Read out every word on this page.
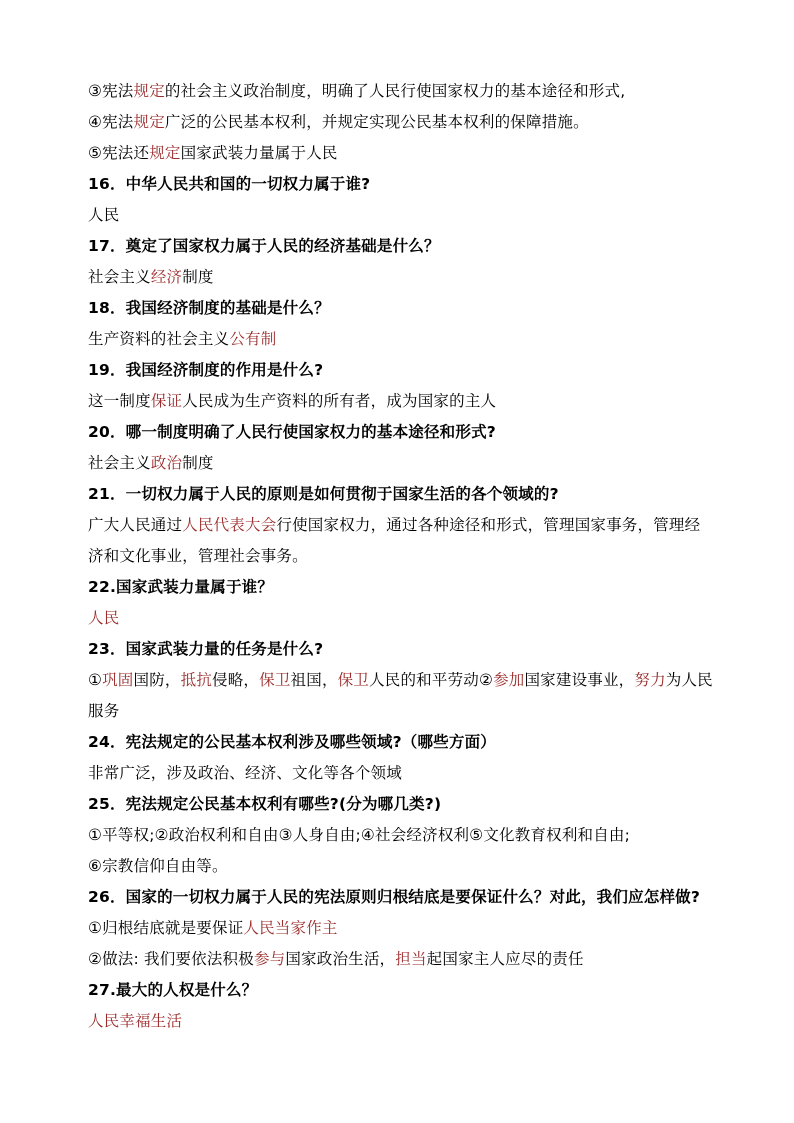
③宪法规定的社会主义政治制度，明确了人民行使国家权力的基本途径和形式,
④宪法规定广泛的公民基本权利，并规定实现公民基本权利的保障措施。
⑤宪法还规定国家武装力量属于人民
16．中华人民共和国的一切权力属于谁?
人民
17．奠定了国家权力属于人民的经济基础是什么？
社会主义经济制度
18．我国经济制度的基础是什么？
生产资料的社会主义公有制
19．我国经济制度的作用是什么?
这一制度保证人民成为生产资料的所有者，成为国家的主人
20．哪一制度明确了人民行使国家权力的基本途径和形式?
社会主义政治制度
21．一切权力属于人民的原则是如何贯彻于国家生活的各个领域的?
广大人民通过人民代表大会行使国家权力，通过各种途径和形式，管理国家事务，管理经济和文化事业，管理社会事务。
22.国家武装力量属于谁？
人民
23．国家武装力量的任务是什么?
①巩固国防，抵抗侵略，保卫祖国，保卫人民的和平劳动②参加国家建设事业，努力为人民服务
24．宪法规定的公民基本权利涉及哪些领域?（哪些方面）
非常广泛，涉及政治、经济、文化等各个领域
25．宪法规定公民基本权利有哪些?(分为哪几类?)
①平等权;②政治权利和自由③人身自由;④社会经济权利⑤文化教育权利和自由;
⑥宗教信仰自由等。
26．国家的一切权力属于人民的宪法原则归根结底是要保证什么？对此，我们应怎样做?
①归根结底就是要保证人民当家作主
②做法: 我们要依法积极参与国家政治生活，担当起国家主人应尽的责任
27.最大的人权是什么？
人民幸福生活
